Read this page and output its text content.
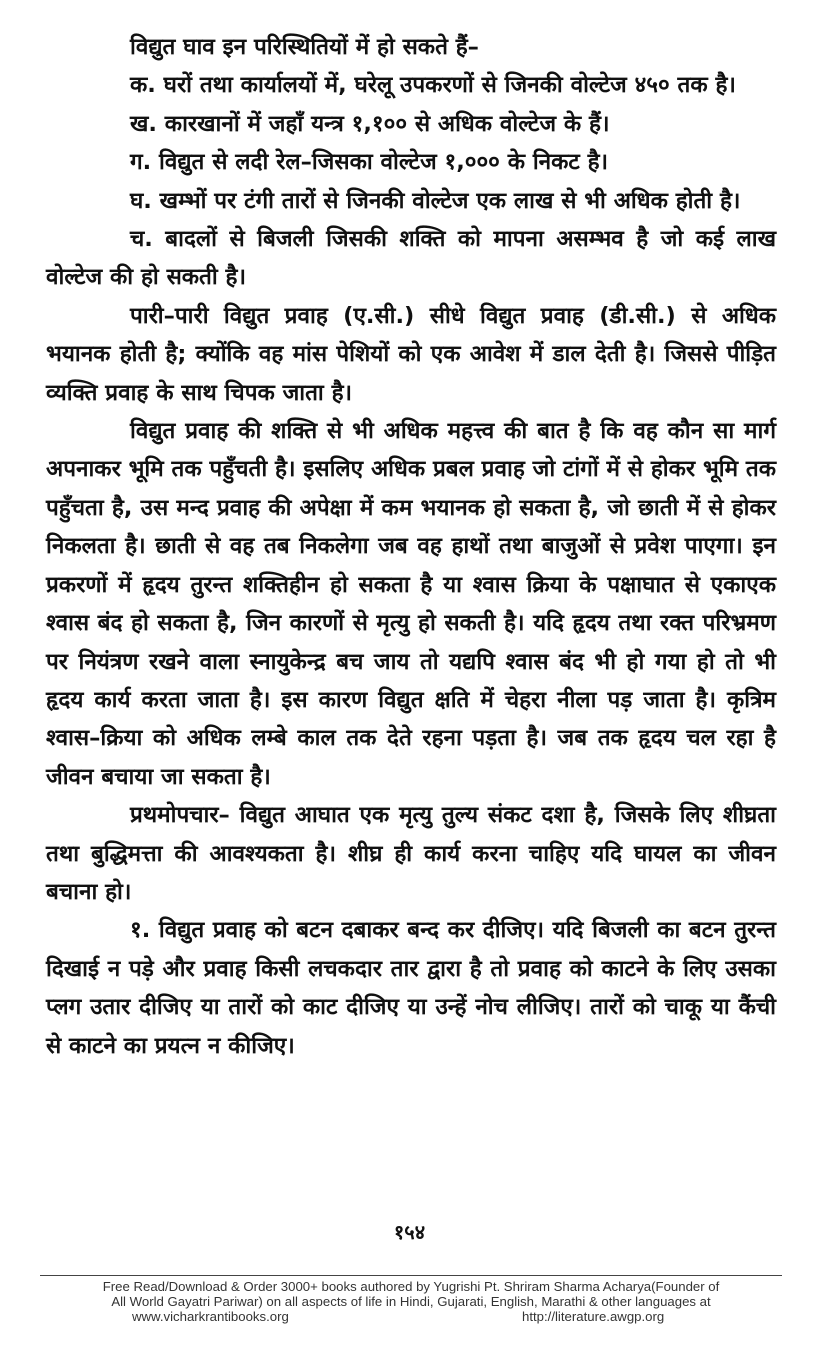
विद्युत घाव इन परिस्थितियों में हो सकते हैं–

क. घरों तथा कार्यालयों में, घरेलू उपकरणों से जिनकी वोल्टेज ४५० तक है।

ख. कारखानों में जहाँ यन्त्र १,१०० से अधिक वोल्टेज के हैं।

ग. विद्युत से लदी रेल–जिसका वोल्टेज १,००० के निकट है।

घ. खम्भों पर टंगी तारों से जिनकी वोल्टेज एक लाख से भी अधिक होती है।

च. बादलों से बिजली जिसकी शक्ति को मापना असम्भव है जो कई लाख वोल्टेज की हो सकती है।

पारी–पारी विद्युत प्रवाह (ए.सी.) सीधे विद्युत प्रवाह (डी.सी.) से अधिक भयानक होती है; क्योंकि वह मांस पेशियों को एक आवेश में डाल देती है। जिससे पीड़ित व्यक्ति प्रवाह के साथ चिपक जाता है।

विद्युत प्रवाह की शक्ति से भी अधिक महत्त्व की बात है कि वह कौन सा मार्ग अपनाकर भूमि तक पहुँचती है। इसलिए अधिक प्रबल प्रवाह जो टांगों में से होकर भूमि तक पहुँचता है, उस मन्द प्रवाह की अपेक्षा में कम भयानक हो सकता है, जो छाती में से होकर निकलता है। छाती से वह तब निकलेगा जब वह हाथों तथा बाजुओं से प्रवेश पाएगा। इन प्रकरणों में हृदय तुरन्त शक्तिहीन हो सकता है या श्वास क्रिया के पक्षाघात से एकाएक श्वास बंद हो सकता है, जिन कारणों से मृत्यु हो सकती है। यदि हृदय तथा रक्त परिभ्रमण पर नियंत्रण रखने वाला स्नायुकेन्द्र बच जाय तो यद्यपि श्वास बंद भी हो गया हो तो भी हृदय कार्य करता जाता है। इस कारण विद्युत क्षति में चेहरा नीला पड़ जाता है। कृत्रिम श्वास–क्रिया को अधिक लम्बे काल तक देते रहना पड़ता है। जब तक हृदय चल रहा है जीवन बचाया जा सकता है।

प्रथमोपचार– विद्युत आघात एक मृत्यु तुल्य संकट दशा है, जिसके लिए शीघ्रता तथा बुद्धिमत्ता की आवश्यकता है। शीघ्र ही कार्य करना चाहिए यदि घायल का जीवन बचाना हो।

१. विद्युत प्रवाह को बटन दबाकर बन्द कर दीजिए। यदि बिजली का बटन तुरन्त दिखाई न पड़े और प्रवाह किसी लचकदार तार द्वारा है तो प्रवाह को काटने के लिए उसका प्लग उतार दीजिए या तारों को काट दीजिए या उन्हें नोच लीजिए। तारों को चाकू या कैंची से काटने का प्रयत्न न कीजिए।

१५४
Free Read/Download & Order 3000+ books authored by Yugrishi Pt. Shriram Sharma Acharya(Founder of
All World Gayatri Pariwar) on all aspects of life in Hindi, Gujarati, English, Marathi & other languages at
www.vicharkrantibooks.org	http://literature.awgp.org
